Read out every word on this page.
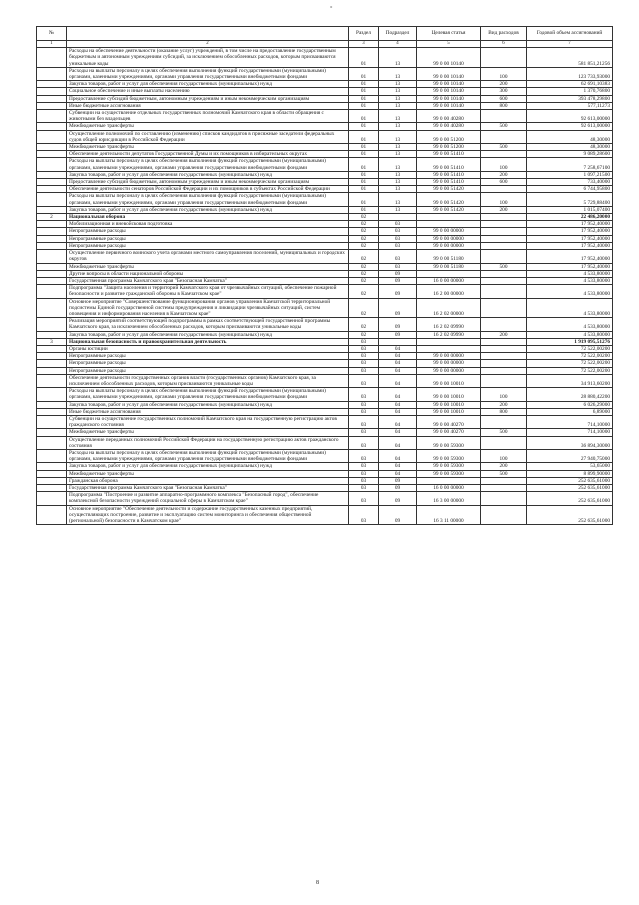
°
№		Раздел	Подраздел	Целевая статья	Вид расходов	Годовой объем ассигнований
1	2	3	4	5	6	7
	Расходы на обеспечение деятельности (оказание услуг) учреждений, в том числе на предоставление государственным бюджетным и автономным учреждениям субсидий, за исключением обособленных расходов, которым присваиваются уникальные коды	01	13	99 0 00 10140		581 851,21256
	Расходы на выплаты персоналу в целях обеспечения выполнения функций государственными (муниципальными) органами, казенными учреждениями, органами управления государственными внебюджетными фондами	01	13	99 0 00 10140	100	123 733,93000
	Закупка товаров, работ и услуг для обеспечения государственных (муниципальных) нужд	01	13	99 0 00 10140	200	62 691,10383
	Социальное обеспечение и иные выплаты населению	01	13	99 0 00 10140	300	1 370,76800
	Предоставление субсидий бюджетным, автономным учреждениям и иным некоммерческим организациям	01	13	99 0 00 10140	600	393 478,29800
	Иные бюджетные ассигнования	01	13	99 0 00 10140	800	577,11273
	Субвенции на осуществление отдельных государственных полномочий Камчатского края в области обращения с животными без владельцев	01	13	99 0 00 40280		92 613,00000
	Межбюджетные трансферты	01	13	99 0 00 40280	500	92 613,00000
	Осуществление полномочий по составлению (изменению) списков кандидатов в присяжные заседатели федеральных судов общей юрисдикции в Российской Федерации	01	13	99 0 00 51200		48,30000
	Межбюджетные трансферты	01	13	99 0 00 51200	500	48,30000
	Обеспечение деятельности депутатов Государственной Думы и их помощников в избирательных округах	01	13	99 0 00 51410		9 089,28600
	Расходы на выплаты персоналу в целях обеспечения выполнения функций государственными (муниципальными) органами, казенными учреждениями, органами управления государственными внебюджетными фондами	01	13	99 0 00 51410	100	7 258,67100
	Закупка товаров, работ и услуг для обеспечения государственных (муниципальных) нужд	01	13	99 0 00 51410	200	1 097,21500
	Предоставление субсидий бюджетным, автономным учреждениям и иным некоммерческим организациям	01	13	99 0 00 51410	600	733,40000
	Обеспечение деятельности сенаторов Российской Федерации и их помощников в субъектах Российской Федерации	01	13	99 0 00 51420		6 744,95800
	Расходы на выплаты персоналу в целях обеспечения выполнения функций государственными (муниципальными) органами, казенными учреждениями, органами управления государственными внебюджетными фондами	01	13	99 0 00 51420	100	5 729,88400
	Закупка товаров, работ и услуг для обеспечения государственных (муниципальных) нужд	01	13	99 0 00 51420	200	1 015,07400
2	Национальная оборона	02				22 486,20000
	Мобилизационная и вневойсковая подготовка	02	03			17 952,40000
	Непрограммные расходы	02	03	99 0 00 00000		17 952,40000
	Непрограммные расходы	02	03	99 0 00 00000		17 952,40000
	Непрограммные расходы	02	03	99 0 00 00000		17 952,40000
	Осуществление первичного воинского учета органами местного самоуправления поселений, муниципальных и городских округов	02	03	99 0 00 51180		17 952,40000
	Межбюджетные трансферты	02	03	99 0 00 51180	500	17 952,40000
	Другие вопросы в области национальной обороны	02	09			4 533,80000
	Государственная программа Камчатского края "Безопасная Камчатка"	02	09	16 0 00 00000		4 533,80000
	Подпрограмма "Защита населения и территорий Камчатского края от чрезвычайных ситуаций, обеспечение пожарной безопасности и развитие гражданской обороны в Камчатском крае"	02	09	16 2 00 00000		4 533,80000
	Основное мероприятие "Совершенствование функционирования органов управления Камчатской территориальной подсистемы Единой государственной системы предупреждения и ликвидации чрезвычайных ситуаций, систем оповещения и информирования населения в Камчатском крае"	02	09	16 2 02 00000		4 533,80000
	Реализация мероприятий соответствующей подпрограммы в рамках соответствующей государственной программы Камчатского края, за исключением обособленных расходов, которым присваиваются уникальные коды	02	09	16 2 02 09990		4 533,80000
	Закупка товаров, работ и услуг для обеспечения государственных (муниципальных) нужд	02	09	16 2 02 09990	200	4 533,80000
3	Национальная безопасность и правоохранительная деятельность	03				1 919 095,51276
	Органы юстиции	03	04			72 522,00200
	Непрограммные расходы	03	04	99 0 00 00000		72 522,00200
	Непрограммные расходы	03	04	99 0 00 00000		72 522,00200
	Непрограммные расходы	03	04	99 0 00 00000		72 522,00200
	Обеспечение деятельности государственных органов власти (государственных органов) Камчатского края, за исключением обособленных расходов, которым присваиваются уникальные коды	03	04	99 0 00 10010		34 913,60200
	Расходы на выплаты персоналу в целях обеспечения выполнения функций государственными (муниципальными) органами, казенными учреждениями, органами управления государственными внебюджетными фондами	03	04	99 0 00 10010	100	28 880,42200
	Закупка товаров, работ и услуг для обеспечения государственных (муниципальных) нужд	03	04	99 0 00 10010	200	6 026,29000
	Иные бюджетные ассигнования	03	04	99 0 00 10010	800	6,89000
	Субвенции на осуществление государственных полномочий Камчатского края на государственную регистрацию актов гражданского состояния	03	04	99 0 00 40270		714,10000
	Межбюджетные трансферты	03	04	99 0 00 40270	500	714,10000
	Осуществление переданных полномочий Российской Федерации на государственную регистрацию актов гражданского состояния	03	04	99 0 00 59300		36 894,30000
	Расходы на выплаты персоналу в целях обеспечения выполнения функций государственными (муниципальными) органами, казенными учреждениями, органами управления государственными внебюджетными фондами	03	04	99 0 00 59300	100	27 940,75000
	Закупка товаров, работ и услуг для обеспечения государственных (муниципальных) нужд	03	04	99 0 00 59300	200	53,65000
	Межбюджетные трансферты	03	04	99 0 00 59300	500	8 899,90000
	Гражданская оборона	03	09			252 635,61000
	Государственная программа Камчатского края "Безопасная Камчатка"	03	09	16 0 00 00000		252 635,61000
	Подпрограмма "Построение и развитие аппаратно-программного комплекса "Безопасный город", обеспечение комплексной безопасности учреждений социальной сферы в Камчатском крае"	03	09	16 3 00 00000		252 635,61000
	Основное мероприятие "Обеспечение деятельности и содержание государственных казенных предприятий, осуществляющих построение, развитие и эксплуатацию систем мониторинга и обеспечения общественной (региональной) безопасности в Камчатском крае"	03	09	16 3 11 00000		252 635,61000
8
